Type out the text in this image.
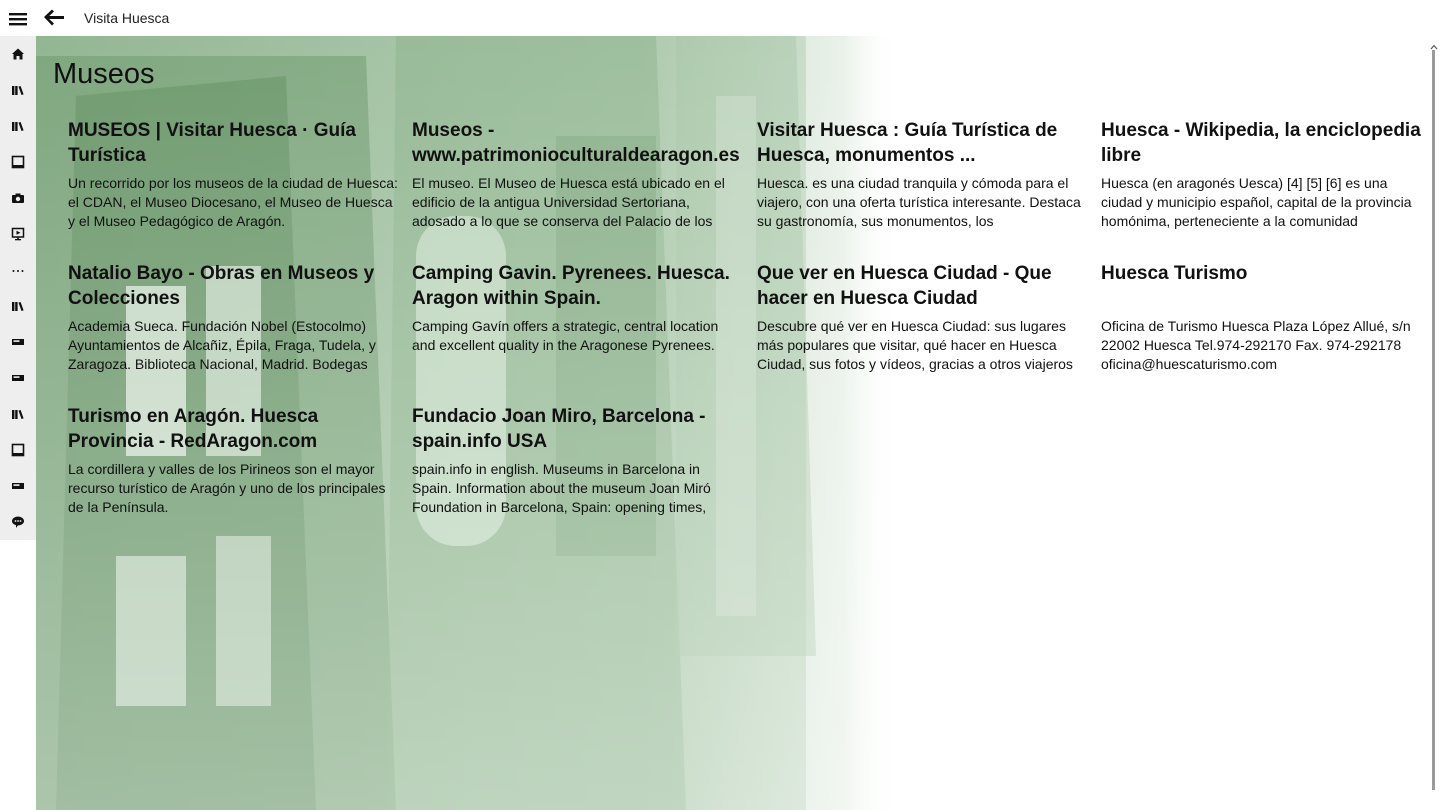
Visita Huesca
Museos
MUSEOS | Visitar Huesca · Guía Turística
Un recorrido por los museos de la ciudad de Huesca: el CDAN, el Museo Diocesano, el Museo de Huesca y el Museo Pedagógico de Aragón.
Museos - www.patrimonioculturaldearagon.es
El museo. El Museo de Huesca está ubicado en el edificio de la antigua Universidad Sertoriana, adosado a lo que se conserva del Palacio de los
Visitar Huesca : Guía Turística de Huesca, monumentos ...
Huesca. es una ciudad tranquila y cómoda para el viajero, con una oferta turística interesante. Destaca su gastronomía, sus monumentos, los
Huesca - Wikipedia, la enciclopedia libre
Huesca (en aragonés Uesca) [4] [5] [6] es una ciudad y municipio español, capital de la provincia homónima, perteneciente a la comunidad
Natalio Bayo - Obras en Museos y Colecciones
Academia Sueca. Fundación Nobel (Estocolmo) Ayuntamientos de Alcañiz, Épila, Fraga, Tudela, y Zaragoza. Biblioteca Nacional, Madrid. Bodegas
Camping Gavin. Pyrenees. Huesca. Aragon within Spain.
Camping Gavín offers a strategic, central location and excellent quality in the Aragonese Pyrenees.
Que ver en Huesca Ciudad - Que hacer en Huesca Ciudad
Descubre qué ver en Huesca Ciudad: sus lugares más populares que visitar, qué hacer en Huesca Ciudad, sus fotos y vídeos, gracias a otros viajeros
Huesca Turismo
Oficina de Turismo Huesca Plaza López Allué, s/n 22002 Huesca Tel.974-292170 Fax. 974-292178 oficina@huescaturismo.com
Turismo en Aragón. Huesca Provincia - RedAragon.com
La cordillera y valles de los Pirineos son el mayor recurso turístico de Aragón y uno de los principales de la Península.
Fundacio Joan Miro, Barcelona - spain.info USA
spain.info in english. Museums in Barcelona in Spain. Information about the museum Joan Miró Foundation in Barcelona, Spain: opening times,
